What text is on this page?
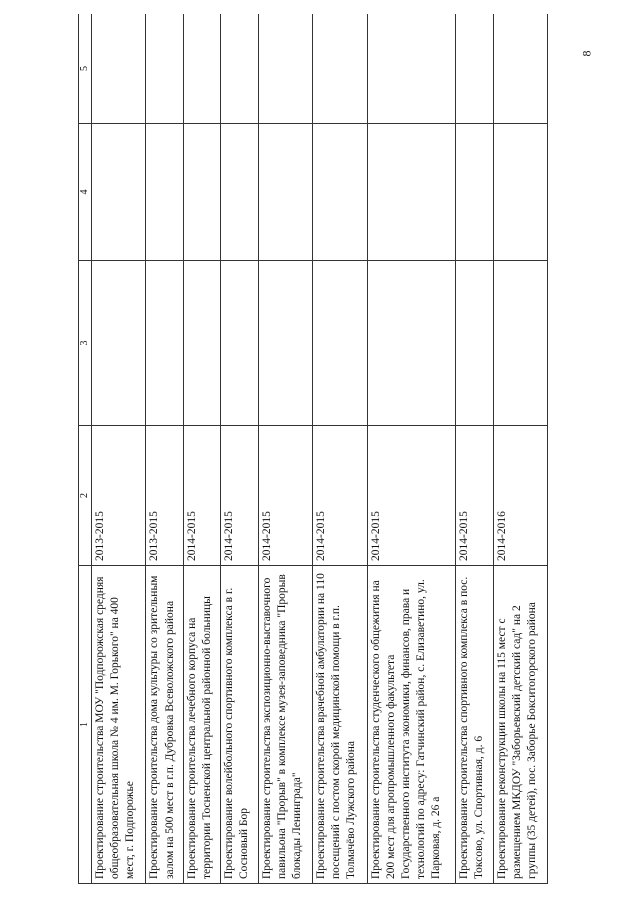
8
1	2	3	4	5
Проектирование строительства МОУ "Подпорожская средняя общеобразовательная школа № 4 им. М. Горького" на 400 мест, г. Подпорожье	2013-2015			
Проектирование строительства дома культуры со зрительным залом на 500 мест в г.п. Дубровка Всеволожского района	2013-2015			
Проектирование строительства лечебного корпуса на территории Тосненской центральной районной больницы	2014-2015			
Проектирование волейбольного спортивного комплекса в г. Сосновый Бор	2014-2015			
Проектирование строительства экспозиционно-выставочного павильона "Прорыв" в комплексе музея-заповедника "Прорыв блокады Ленинграда"	2014-2015			
Проектирование строительства врачебной амбулатории на 110 посещений с постом скорой медицинской помощи в г.п. Толмачёво Лужского района	2014-2015			
Проектирование строительства студенческого общежития на 200 мест для агропромышленного факультета Государственного института экономики, финансов, права и технологий по адресу: Гатчинский район, с. Елизаветино, ул. Парковая, д. 26 а	2014-2015			
Проектирование строительства спортивного комплекса в пос. Токсово, ул. Спортивная, д. 6	2014-2015			
Проектирование реконструкции школы на 115 мест с размещением МКДОУ "Заборьевский детский сад" на 2 группы (35 детей), пос. Заборье Бокситогорского района	2014-2016			
